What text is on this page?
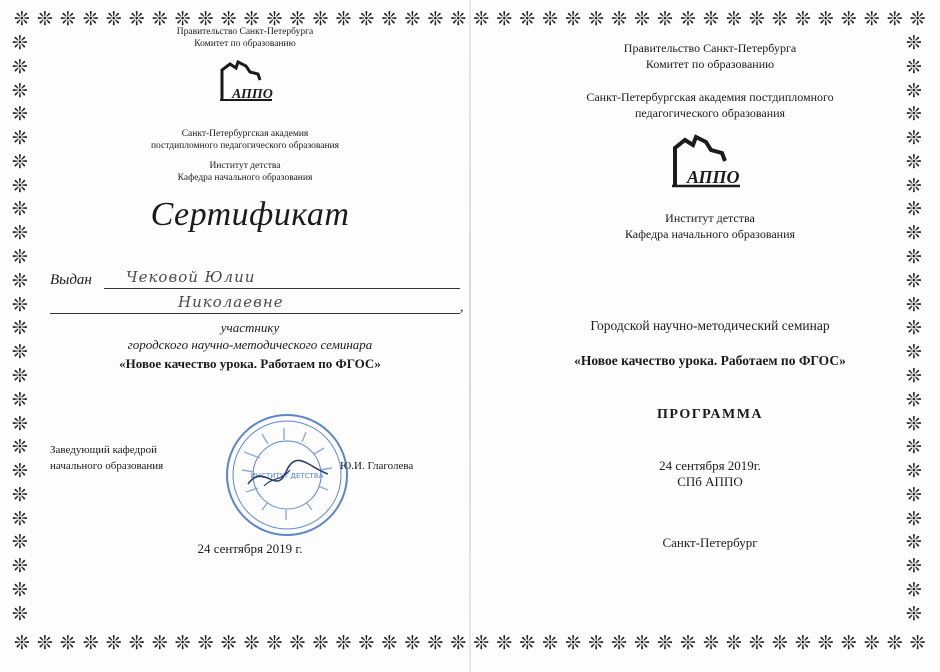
❊ ❊ ❊ ❊ ❊ ❊ ❊ ❊ ❊ ❊ ❊ ❊ ❊ ❊ ❊ ❊ ❊ ❊ ❊ ❊ ❊ ❊ ❊ ❊ ❊ ❊ ❊ ❊ ❊ ❊ ❊ ❊ ❊ ❊ ❊ ❊ ❊ ❊ ❊ ❊
❊ ❊ ❊ ❊ ❊ ❊ ❊ ❊ ❊ ❊ ❊ ❊ ❊ ❊ ❊ ❊ ❊ ❊ ❊ ❊ ❊ ❊ ❊ ❊ ❊ ❊ ❊ ❊ ❊ ❊ ❊ ❊ ❊ ❊ ❊ ❊ ❊ ❊ ❊ ❊
❊
❊
❊
❊
❊
❊
❊
❊
❊
❊
❊
❊
❊
❊
❊
❊
❊
❊
❊
❊
❊
❊
❊
❊
❊
❊
❊
❊
❊
❊
❊
❊
❊
❊
❊
❊
❊
❊
❊
❊
❊
❊
❊
❊
❊
❊
❊
❊
❊
❊
Правительство Санкт-Петербурга
Комитет по образованию
АППО
Санкт-Петербургская академия
постдипломного педагогического образования
Институт детства
Кафедра начального образования
Сертификат
Выдан Чековой Юлии
Николаевне	,
участнику
городского научно-методического семинара
«Новое качество урока. Работаем по ФГОС»
ИНСТИТУТ ДЕТСТВА
Заведующий кафедрой
начального образования	Ю.И. Глаголева
24 сентября 2019 г.
Правительство Санкт-Петербурга
Комитет по образованию
Санкт-Петербургская академия постдипломного
педагогического образования
АППО
Институт детства
Кафедра начального образования
Городской научно-методический семинар
«Новое качество урока. Работаем по ФГОС»
ПРОГРАММА
24 сентября 2019г.
СПб АППО
Санкт-Петербург
